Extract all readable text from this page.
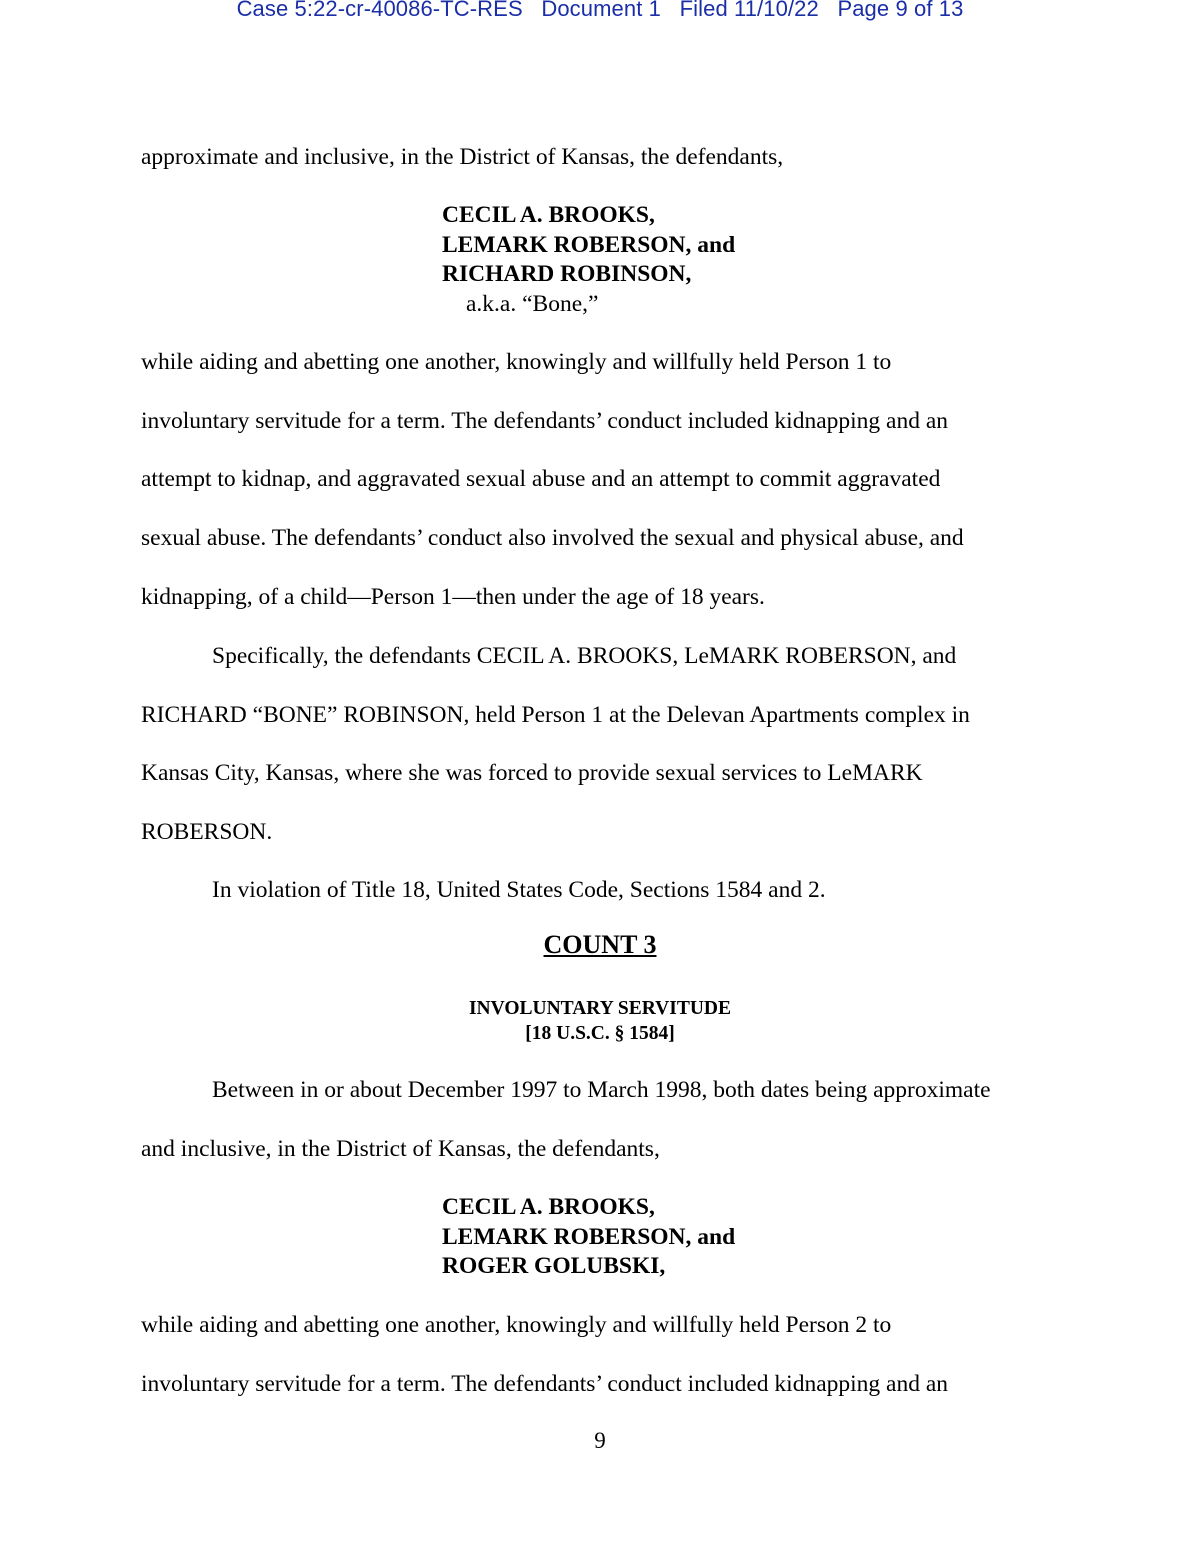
Case 5:22-cr-40086-TC-RES   Document 1   Filed 11/10/22   Page 9 of 13
approximate and inclusive, in the District of Kansas, the defendants,
CECIL A. BROOKS,
LEMARK ROBERSON, and
RICHARD ROBINSON,
a.k.a. “Bone,”
while aiding and abetting one another, knowingly and willfully held Person 1 to
involuntary servitude for a term. The defendants’ conduct included kidnapping and an
attempt to kidnap, and aggravated sexual abuse and an attempt to commit aggravated
sexual abuse. The defendants’ conduct also involved the sexual and physical abuse, and
kidnapping, of a child—Person 1—then under the age of 18 years.
Specifically, the defendants CECIL A. BROOKS, LeMARK ROBERSON, and
RICHARD “BONE” ROBINSON, held Person 1 at the Delevan Apartments complex in
Kansas City, Kansas, where she was forced to provide sexual services to LeMARK
ROBERSON.
In violation of Title 18, United States Code, Sections 1584 and 2.
COUNT 3
INVOLUNTARY SERVITUDE
[18 U.S.C. § 1584]
Between in or about December 1997 to March 1998, both dates being approximate
and inclusive, in the District of Kansas, the defendants,
CECIL A. BROOKS,
LEMARK ROBERSON, and
ROGER GOLUBSKI,
while aiding and abetting one another, knowingly and willfully held Person 2 to
involuntary servitude for a term. The defendants’ conduct included kidnapping and an
9
